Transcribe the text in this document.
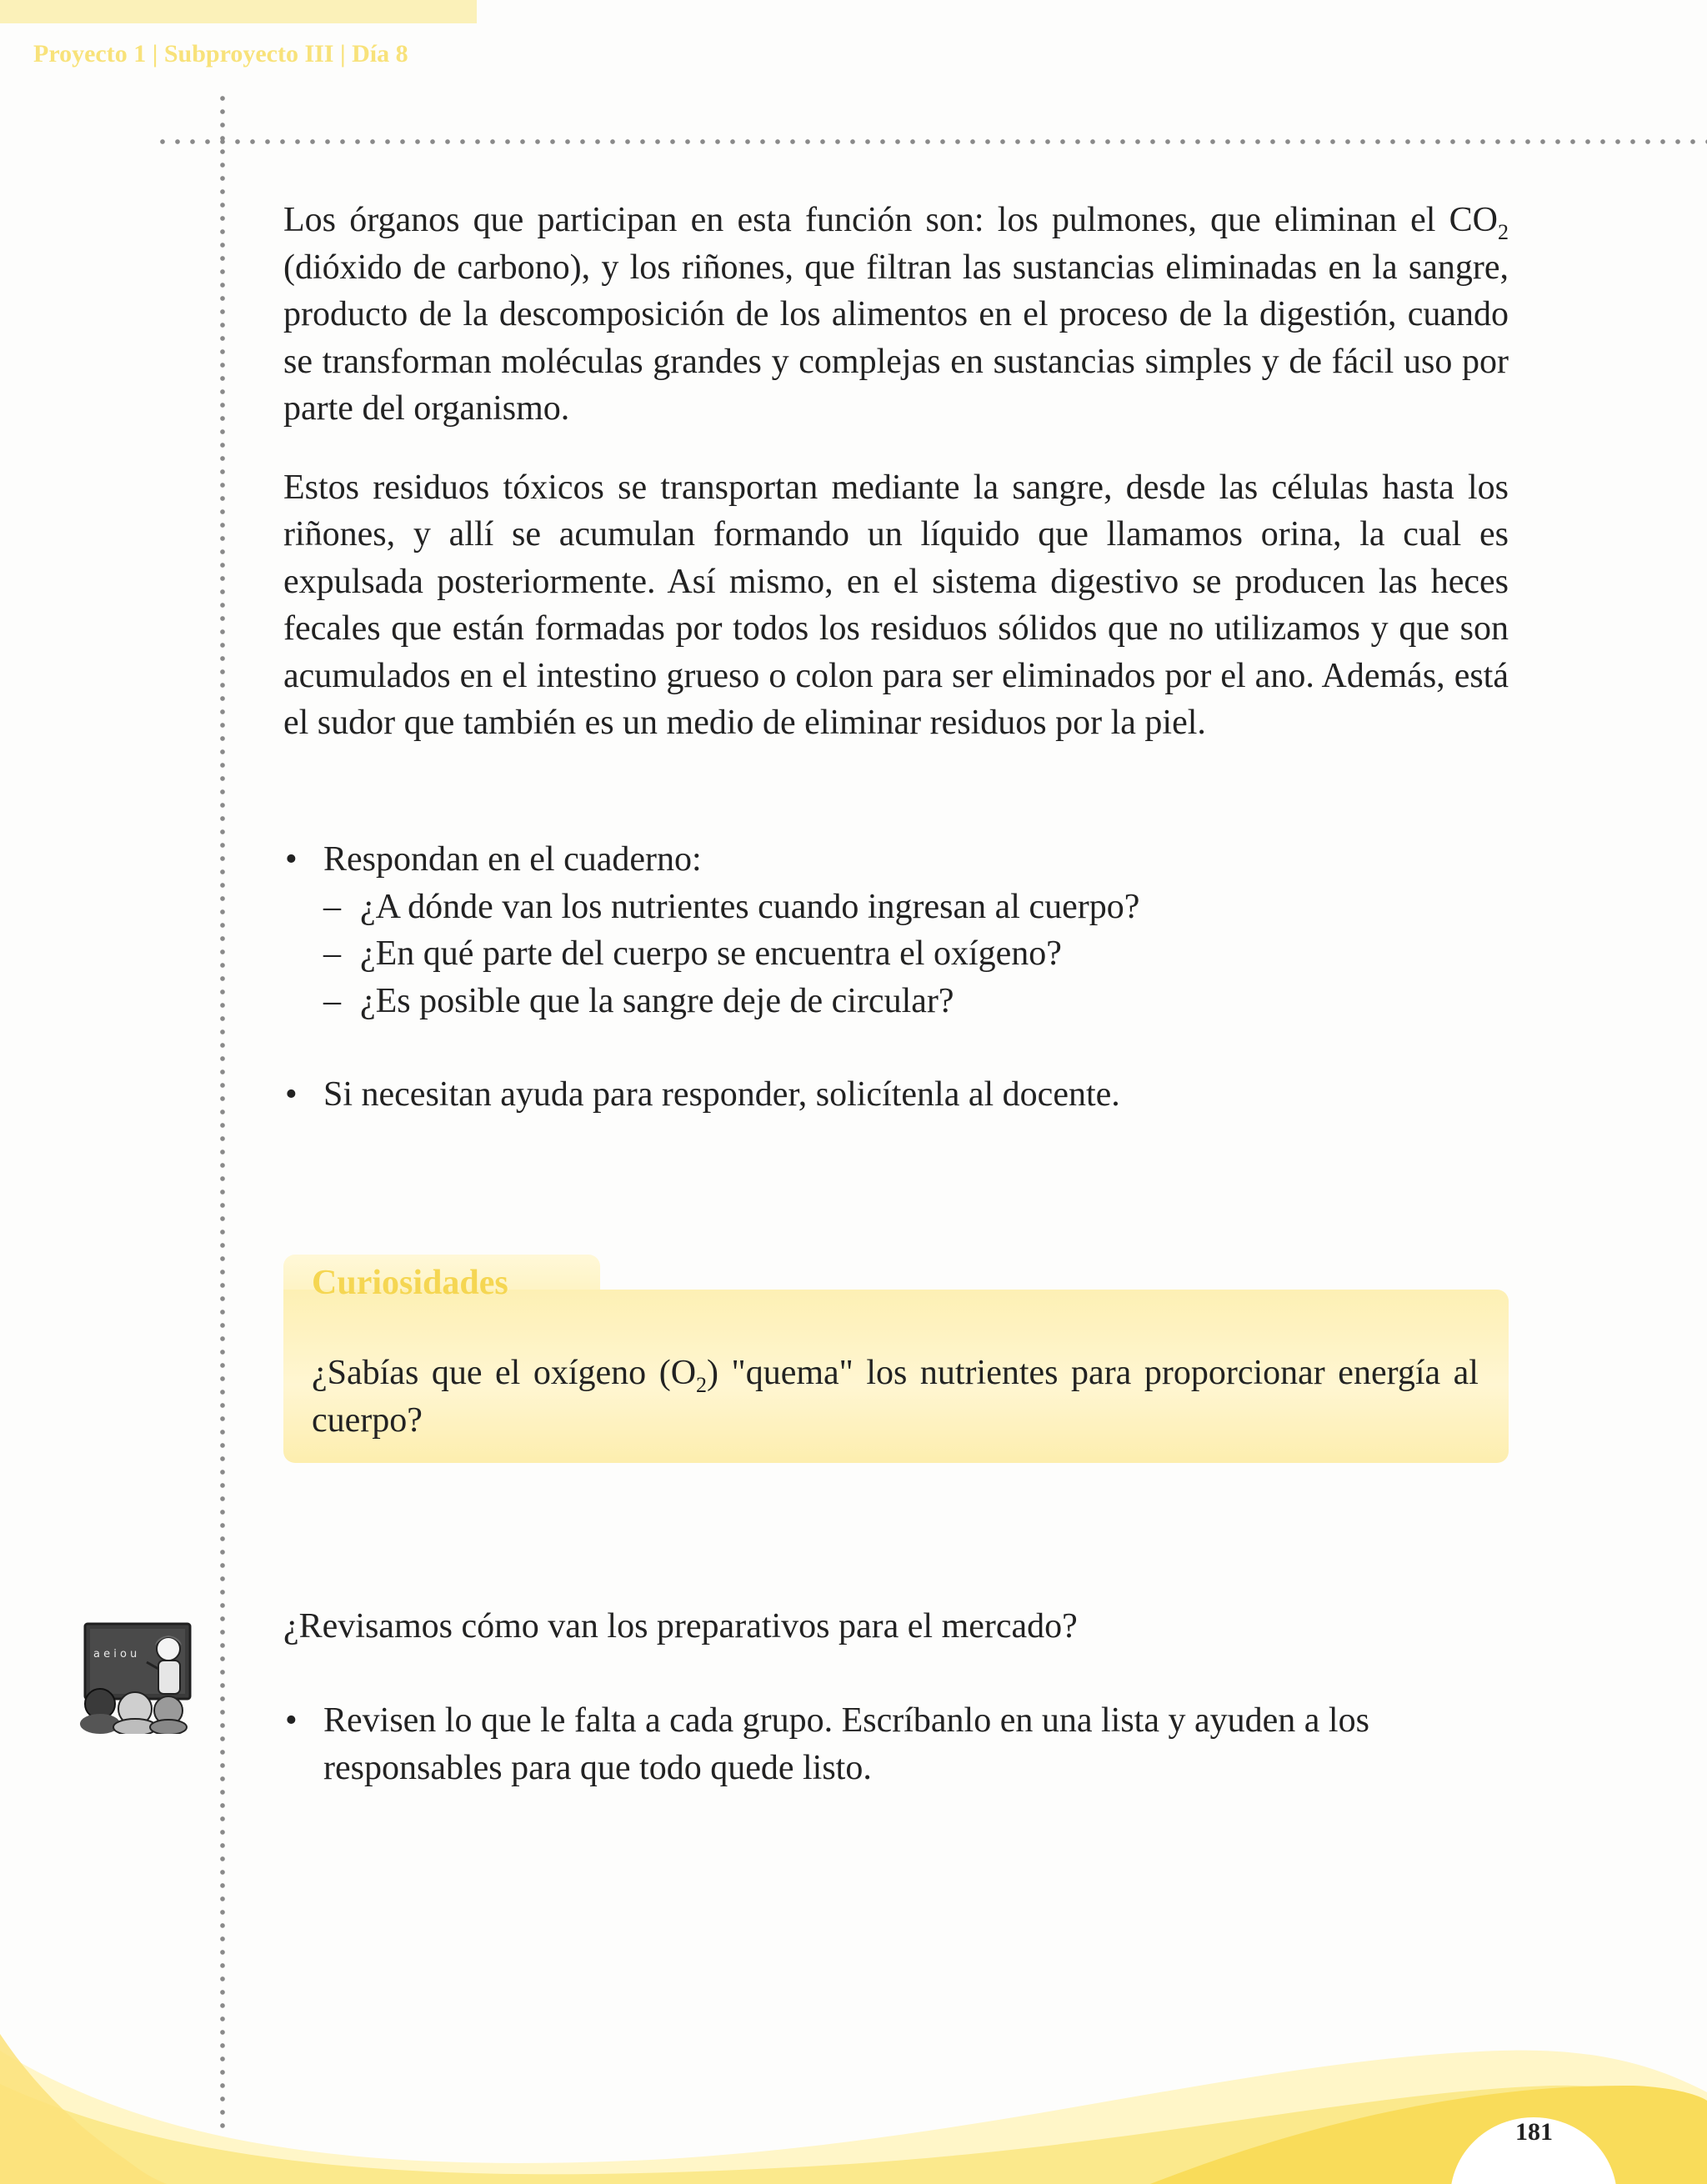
Proyecto 1 | Subproyecto III | Día 8

Los órganos que participan en esta función son: los pulmones, que eliminan el $CO_2$ (dióxido de carbono), y los riñones, que filtran las sustancias eliminadas en la sangre, producto de la descomposición de los alimentos en el proceso de la digestión, cuando se transforman moléculas grandes y complejas en sustancias simples y de fácil uso por parte del organismo.

Estos residuos tóxicos se transportan mediante la sangre, desde las células hasta los riñones, y allí se acumulan formando un líquido que llamamos orina, la cual es expulsada posteriormente. Así mismo, en el sistema digestivo se producen las heces fecales que están formadas por todos los residuos sólidos que no utilizamos y que son acumulados en el intestino grueso o colon para ser eliminados por el ano. Además, está el sudor que también es un medio de eliminar residuos por la piel.

• Respondan en el cuaderno:
– ¿A dónde van los nutrientes cuando ingresan al cuerpo?
– ¿En qué parte del cuerpo se encuentra el oxígeno?
– ¿Es posible que la sangre deje de circular?
• Si necesitan ayuda para responder, solicítenla al docente.
Curiosidades
¿Sabías que el oxígeno $(O_2)$ "quema" los nutrientes para proporcionar energía al cuerpo?
a e i o u
¿Revisamos cómo van los preparativos para el mercado?
• Revisen lo que le falta a cada grupo. Escríbanlo en una lista y ayuden a los responsables para que todo quede listo.
181
